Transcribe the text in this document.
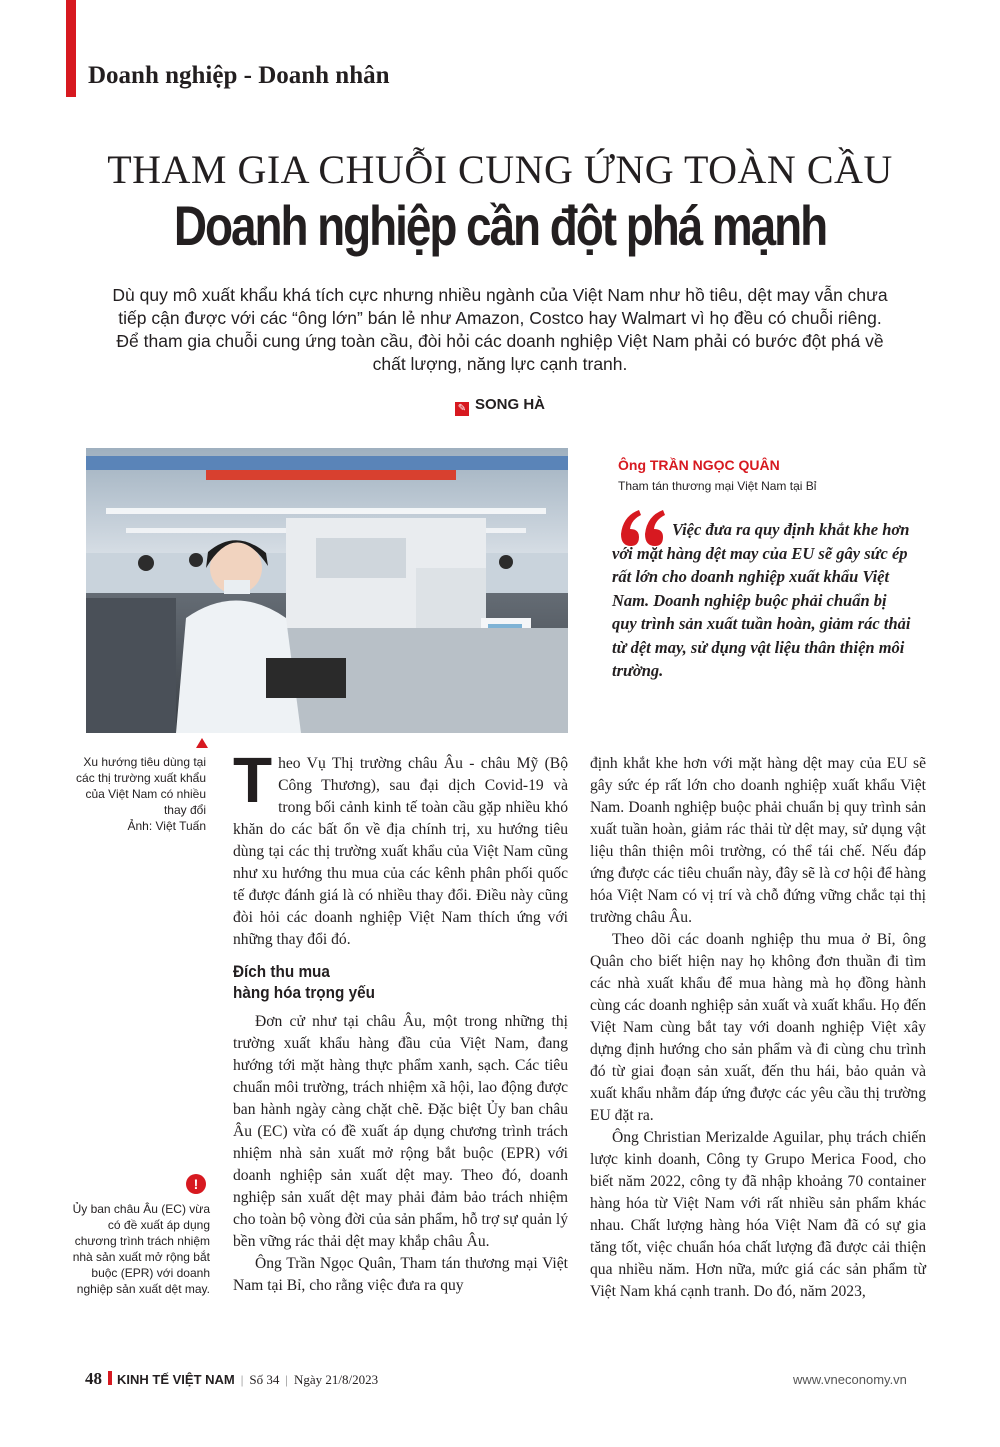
Doanh nghiệp - Doanh nhân
THAM GIA CHUỖI CUNG ỨNG TOÀN CẦU
Doanh nghiệp cần đột phá mạnh
Dù quy mô xuất khẩu khá tích cực nhưng nhiều ngành của Việt Nam như hồ tiêu, dệt may vẫn chưa
tiếp cận được với các “ông lớn” bán lẻ như Amazon, Costco hay Walmart vì họ đều có chuỗi riêng.
Để tham gia chuỗi cung ứng toàn cầu, đòi hỏi các doanh nghiệp Việt Nam phải có bước đột phá về
chất lượng, năng lực cạnh tranh.
✎ SONG HÀ
Xu hướng tiêu dùng tại các thị trường xuất khẩu của Việt Nam có nhiều thay đổi
Ảnh: Việt Tuấn
Ông TRẦN NGỌC QUÂN
Tham tán thương mại Việt Nam tại Bỉ
Việc đưa ra quy định khắt khe hơn với mặt hàng dệt may của EU sẽ gây sức ép rất lớn cho doanh nghiệp xuất khẩu Việt Nam. Doanh nghiệp buộc phải chuẩn bị quy trình sản xuất tuần hoàn, giảm rác thải từ dệt may, sử dụng vật liệu thân thiện môi trường.
!
Ủy ban châu Âu (EC) vừa có đề xuất áp dụng chương trình trách nhiệm nhà sản xuất mở rộng bắt buộc (EPR) với doanh nghiệp sản xuất dệt may.

Theo Vụ Thị trường châu Âu - châu Mỹ (Bộ Công Thương), sau đại dịch Covid-19 và trong bối cảnh kinh tế toàn cầu gặp nhiều khó khăn do các bất ổn về địa chính trị, xu hướng tiêu dùng tại các thị trường xuất khẩu của Việt Nam cũng như xu hướng thu mua của các kênh phân phối quốc tế được đánh giá là có nhiều thay đổi. Điều này cũng đòi hỏi các doanh nghiệp Việt Nam thích ứng với những thay đổi đó.

Đích thu mua
hàng hóa trọng yếu

Đơn cử như tại châu Âu, một trong những thị trường xuất khẩu hàng đầu của Việt Nam, đang hướng tới mặt hàng thực phẩm xanh, sạch. Các tiêu chuẩn môi trường, trách nhiệm xã hội, lao động được ban hành ngày càng chặt chẽ. Đặc biệt Ủy ban châu Âu (EC) vừa có đề xuất áp dụng chương trình trách nhiệm nhà sản xuất mở rộng bắt buộc (EPR) với doanh nghiệp sản xuất dệt may. Theo đó, doanh nghiệp sản xuất dệt may phải đảm bảo trách nhiệm cho toàn bộ vòng đời của sản phẩm, hỗ trợ sự quản lý bền vững rác thải dệt may khắp châu Âu.

Ông Trần Ngọc Quân, Tham tán thương mại Việt Nam tại Bỉ, cho rằng việc đưa ra quy

định khắt khe hơn với mặt hàng dệt may của EU sẽ gây sức ép rất lớn cho doanh nghiệp xuất khẩu Việt Nam. Doanh nghiệp buộc phải chuẩn bị quy trình sản xuất tuần hoàn, giảm rác thải từ dệt may, sử dụng vật liệu thân thiện môi trường, có thể tái chế. Nếu đáp ứng được các tiêu chuẩn này, đây sẽ là cơ hội để hàng hóa Việt Nam có vị trí và chỗ đứng vững chắc tại thị trường châu Âu.

Theo dõi các doanh nghiệp thu mua ở Bỉ, ông Quân cho biết hiện nay họ không đơn thuần đi tìm các nhà xuất khẩu để mua hàng mà họ đồng hành cùng các doanh nghiệp sản xuất và xuất khẩu. Họ đến Việt Nam cùng bắt tay với doanh nghiệp Việt xây dựng định hướng cho sản phẩm và đi cùng chu trình đó từ giai đoạn sản xuất, đến thu hái, bảo quản và xuất khẩu nhằm đáp ứng được các yêu cầu thị trường EU đặt ra.

Ông Christian Merizalde Aguilar, phụ trách chiến lược kinh doanh, Công ty Grupo Merica Food, cho biết năm 2022, công ty đã nhập khoảng 70 container hàng hóa từ Việt Nam với rất nhiều sản phẩm khác nhau. Chất lượng hàng hóa Việt Nam đã có sự gia tăng tốt, việc chuẩn hóa chất lượng đã được cải thiện qua nhiều năm. Hơn nữa, mức giá các sản phẩm từ Việt Nam khá cạnh tranh. Do đó, năm 2023,

48 KINH TẾ VIỆT NAM | Số 34 | Ngày 21/8/2023	www.vneconomy.vn
